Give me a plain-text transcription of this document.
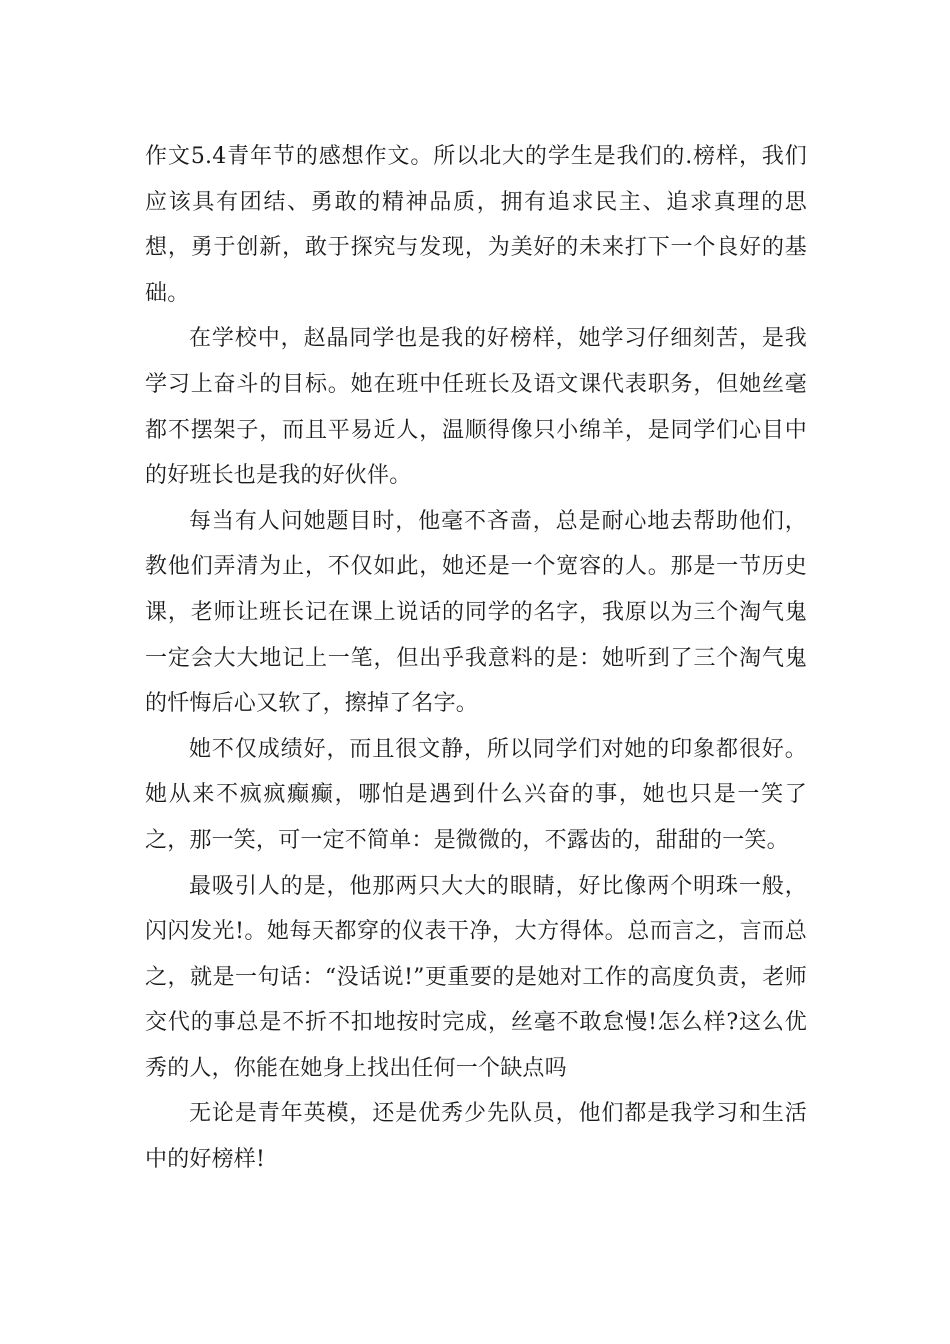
作文5.4青年节的感想作文。所以北大的学生是我们的.榜样，我们应该具有团结、勇敢的精神品质，拥有追求民主、追求真理的思想，勇于创新，敢于探究与发现，为美好的未来打下一个良好的基础。

在学校中，赵晶同学也是我的好榜样，她学习仔细刻苦，是我学习上奋斗的目标。她在班中任班长及语文课代表职务，但她丝毫都不摆架子，而且平易近人，温顺得像只小绵羊，是同学们心目中的好班长也是我的好伙伴。

每当有人问她题目时，他毫不吝啬，总是耐心地去帮助他们，教他们弄清为止，不仅如此，她还是一个宽容的人。那是一节历史课，老师让班长记在课上说话的同学的名字，我原以为三个淘气鬼一定会大大地记上一笔，但出乎我意料的是：她听到了三个淘气鬼的忏悔后心又软了，擦掉了名字。

她不仅成绩好，而且很文静，所以同学们对她的印象都很好。她从来不疯疯癫癫，哪怕是遇到什么兴奋的事，她也只是一笑了之，那一笑，可一定不简单：是微微的，不露齿的，甜甜的一笑。

最吸引人的是，他那两只大大的眼睛，好比像两个明珠一般，闪闪发光!。她每天都穿的仪表干净，大方得体。总而言之，言而总之，就是一句话：“没话说!”更重要的是她对工作的高度负责，老师交代的事总是不折不扣地按时完成，丝毫不敢怠慢!怎么样?这么优秀的人，你能在她身上找出任何一个缺点吗

无论是青年英模，还是优秀少先队员，他们都是我学习和生活中的好榜样!
